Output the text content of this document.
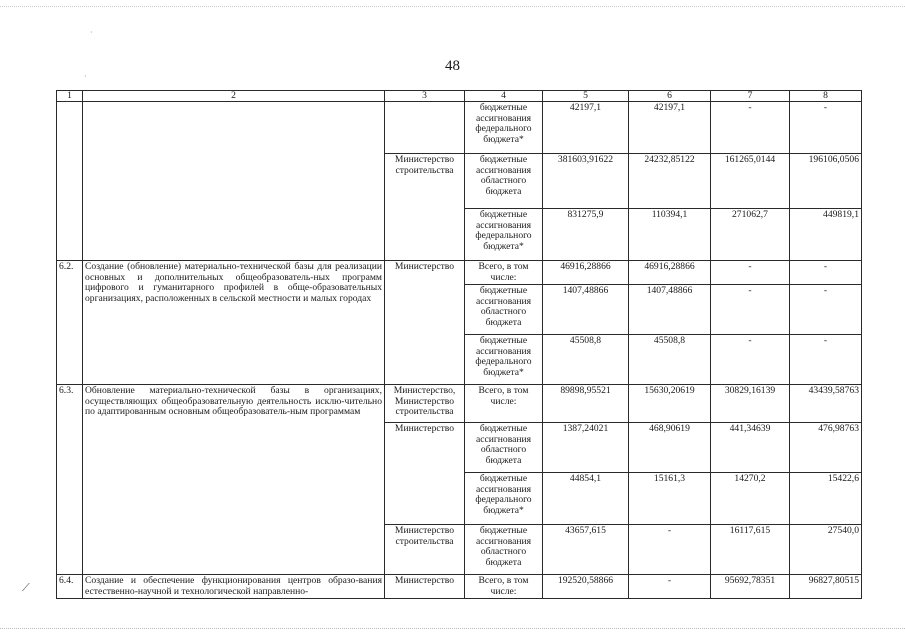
48
1	2	3	4	5	6	7	8
			бюджетные ассигнования федерального бюджета*	42197,1	42197,1	-	-
		Министерство строительства	бюджетные ассигнования областного бюджета	381603,91622	24232,85122	161265,0144	196106,0506
			бюджетные ассигнования федерального бюджета*	831275,9	110394,1	271062,7	449819,1
6.2.	Создание (обновление) материально-технической базы для реализации основных и дополнительных общеобразователь-ных программ цифрового и гуманитарного профилей в обще-образовательных организациях, расположенных в сельской местности и малых городах	Министерство	Всего, в том числе:	46916,28866	46916,28866	-	-
			бюджетные ассигнования областного бюджета	1407,48866	1407,48866	-	-
			бюджетные ассигнования федерального бюджета*	45508,8	45508,8	-	-
6.3.	Обновление материально-технической базы в организациях, осуществляющих общеобразовательную деятельность исклю-чительно по адаптированным основным общеобразователь-ным программам	Министерство, Министерство строительства	Всего, в том числе:	89898,95521	15630,20619	30829,16139	43439,58763
		Министерство	бюджетные ассигнования областного бюджета	1387,24021	468,90619	441,34639	476,98763
			бюджетные ассигнования федерального бюджета*	44854,1	15161,3	14270,2	15422,6
		Министерство строительства	бюджетные ассигнования областного бюджета	43657,615	-	16117,615	27540,0
6.4.	Создание и обеспечение функционирования центров образо-вания естественно-научной и технологической направленно-	Министерство	Всего, в том числе:	192520,58866	-	95692,78351	96827,80515
⟋
·
·
